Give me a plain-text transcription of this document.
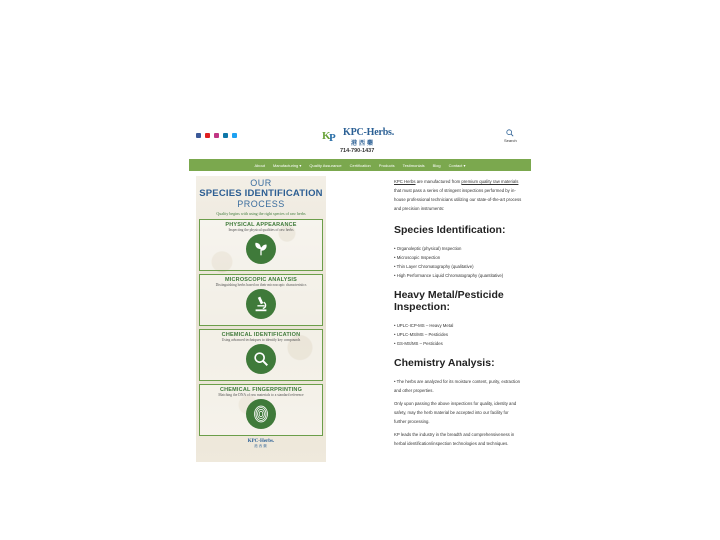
K
P KPC-Herbs.
港西藥
714-790-1437
Search
About Manufacturing ▾ Quality Assurance Certification Products Testimonials Blog Contact ▾
OUR
SPECIES IDENTIFICATION
PROCESS
Quality begins with using the right species of raw herbs
PHYSICAL APPEARANCE
Inspecting the physical qualities of raw herbs
MICROSCOPIC ANALYSIS
Distinguishing herbs based on their microscopic characteristics
CHEMICAL IDENTIFICATION
Using advanced techniques to identify key compounds
CHEMICAL FINGERPRINTING
Matching the DNA of raw materials to a standard reference
KPC-Herbs.
港西藥

KPC Herbs are manufactured from premium quality raw materials that must pass a series of stringent inspections performed by in-house professional technicians utilizing our state-of-the-art process and precision instruments:

Species Identification:
• Organoleptic (physical) Inspection
• Microscopic Inspection
• Thin Layer Chromatography (qualitative)
• High Performance Liquid Chromatography (quantitative)
Heavy Metal/Pesticide Inspection:
• UPLC-ICP-MS – Heavy Metal
• UPLC-MS/MS – Pesticides
• GS-MS/MS – Pesticides
Chemistry Analysis:
• The herbs are analyzed for its moisture content, purity, extraction and other properties.

Only upon passing the above inspections for quality, identity and safety, may the herb material be accepted into our facility for further processing.

KP leads the industry in the breadth and comprehensiveness in herbal identification/inspection technologies and techniques.
